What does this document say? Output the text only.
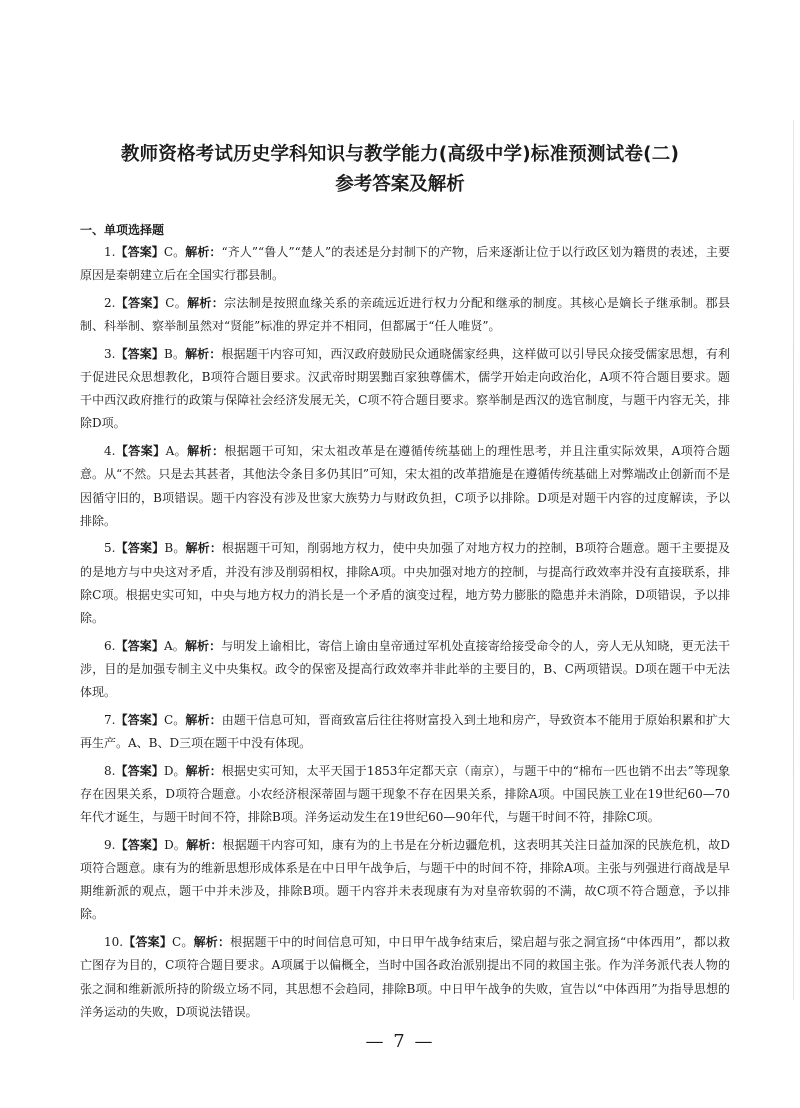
教师资格考试历史学科知识与教学能力(高级中学)标准预测试卷(二)
参考答案及解析
一、单项选择题

1.【答案】C。解析：“齐人”“鲁人”“楚人”的表述是分封制下的产物，后来逐渐让位于以行政区划为籍贯的表述，主要原因是秦朝建立后在全国实行郡县制。

2.【答案】C。解析：宗法制是按照血缘关系的亲疏远近进行权力分配和继承的制度。其核心是嫡长子继承制。郡县制、科举制、察举制虽然对“贤能”标准的界定并不相同，但都属于“任人唯贤”。

3.【答案】B。解析：根据题干内容可知，西汉政府鼓励民众通晓儒家经典，这样做可以引导民众接受儒家思想，有利于促进民众思想教化，B项符合题目要求。汉武帝时期罢黜百家独尊儒术，儒学开始走向政治化，A项不符合题目要求。题干中西汉政府推行的政策与保障社会经济发展无关，C项不符合题目要求。察举制是西汉的选官制度，与题干内容无关，排除D项。

4.【答案】A。解析：根据题干可知，宋太祖改革是在遵循传统基础上的理性思考，并且注重实际效果，A项符合题意。从“不然。只是去其甚者，其他法令条目多仍其旧”可知，宋太祖的改革措施是在遵循传统基础上对弊端改止创新而不是因循守旧的，B项错误。题干内容没有涉及世家大族势力与财政负担，C项予以排除。D项是对题干内容的过度解读，予以排除。

5.【答案】B。解析：根据题干可知，削弱地方权力，使中央加强了对地方权力的控制，B项符合题意。题干主要提及的是地方与中央这对矛盾，并没有涉及削弱相权，排除A项。中央加强对地方的控制，与提高行政效率并没有直接联系，排除C项。根据史实可知，中央与地方权力的消长是一个矛盾的演变过程，地方势力膨胀的隐患并未消除，D项错误，予以排除。

6.【答案】A。解析：与明发上谕相比，寄信上谕由皇帝通过军机处直接寄给接受命令的人，旁人无从知晓，更无法干涉，目的是加强专制主义中央集权。政令的保密及提高行政效率并非此举的主要目的，B、C两项错误。D项在题干中无法体现。

7.【答案】C。解析：由题干信息可知，晋商致富后往往将财富投入到土地和房产，导致资本不能用于原始积累和扩大再生产。A、B、D三项在题干中没有体现。

8.【答案】D。解析：根据史实可知，太平天国于1853年定都天京（南京），与题干中的“棉布一匹也销不出去”等现象存在因果关系，D项符合题意。小农经济根深蒂固与题干现象不存在因果关系，排除A项。中国民族工业在19世纪60—70年代才诞生，与题干时间不符，排除B项。洋务运动发生在19世纪60—90年代，与题干时间不符，排除C项。

9.【答案】D。解析：根据题干内容可知，康有为的上书是在分析边疆危机，这表明其关注日益加深的民族危机，故D项符合题意。康有为的维新思想形成体系是在中日甲午战争后，与题干中的时间不符，排除A项。主张与列强进行商战是早期维新派的观点，题干中并未涉及，排除B项。题干内容并未表现康有为对皇帝软弱的不满，故C项不符合题意，予以排除。

10.【答案】C。解析：根据题干中的时间信息可知，中日甲午战争结束后，梁启超与张之洞宣扬“中体西用”，都以救亡图存为目的，C项符合题目要求。A项属于以偏概全，当时中国各政治派别提出不同的救国主张。作为洋务派代表人物的张之洞和维新派所持的阶级立场不同，其思想不会趋同，排除B项。中日甲午战争的失败，宣告以“中体西用”为指导思想的洋务运动的失败，D项说法错误。

— 7 —
